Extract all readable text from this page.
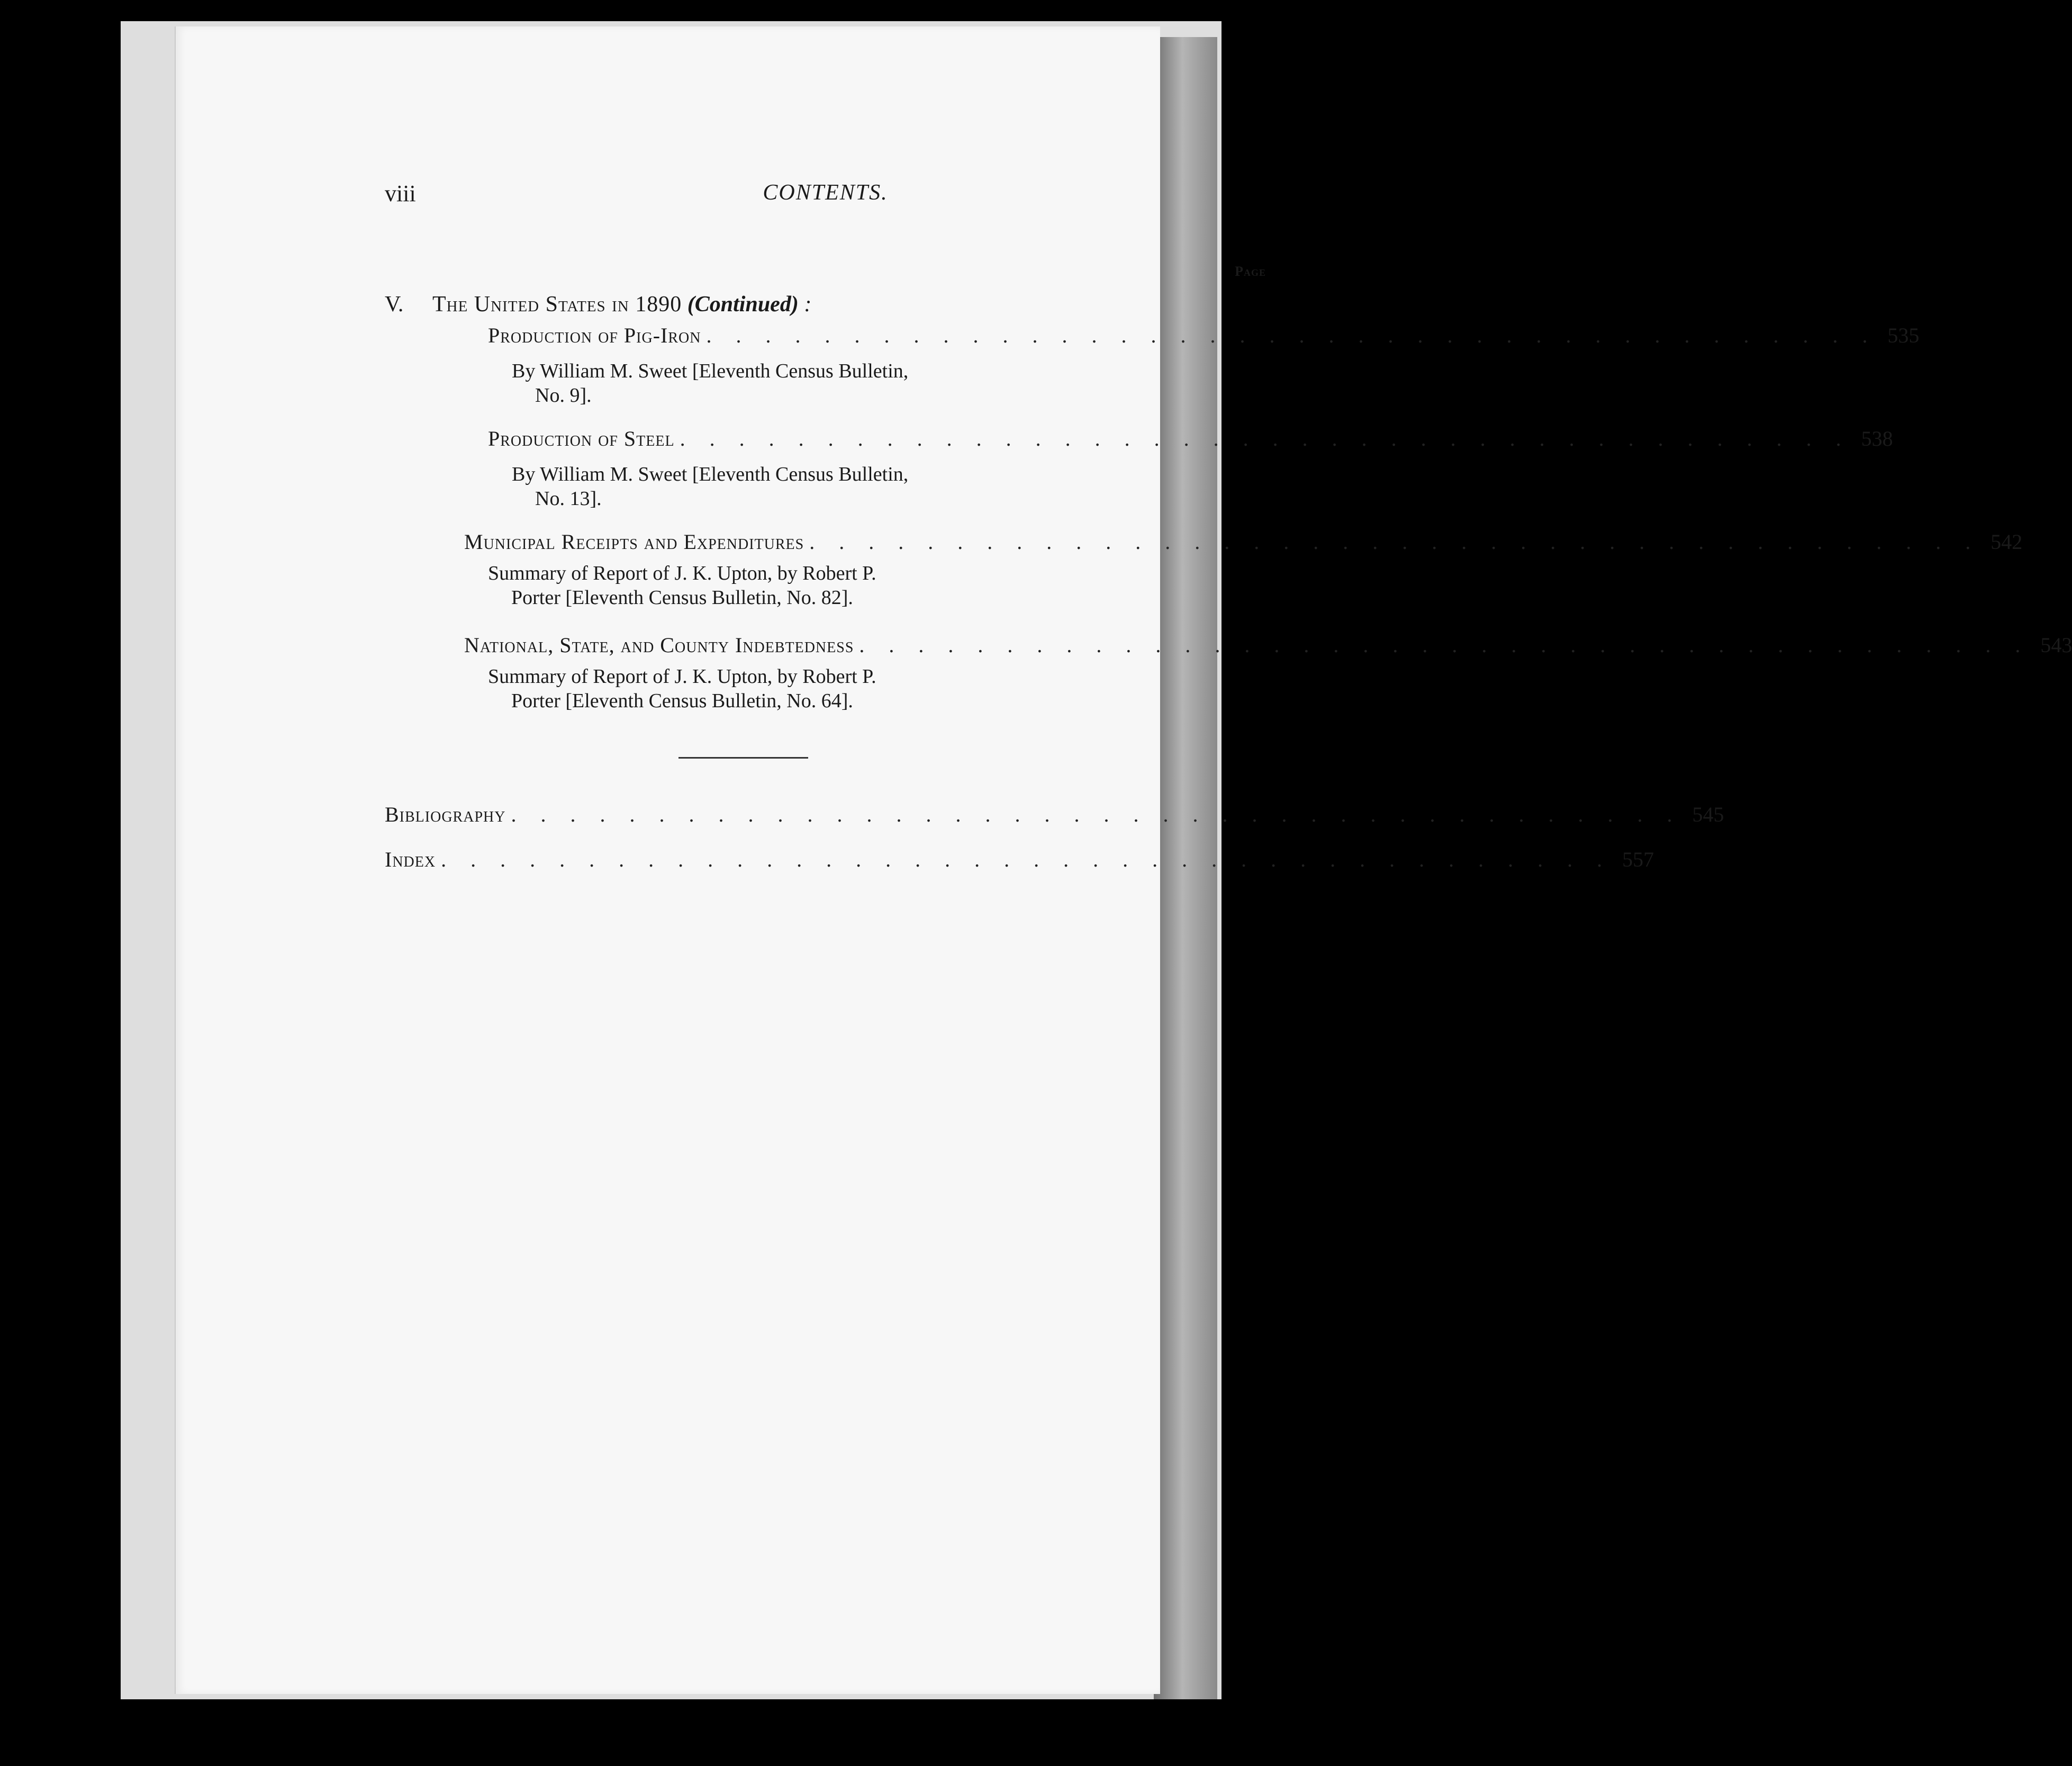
viii	CONTENTS.
Page
V. The United States in 1890 (Continued) :
Production of Pig-Iron . . . . . . . . . . . . . . . . . . . . . . . . . . . . . . . . . . . . . . . . 535
By William M. Sweet [Eleventh Census Bulletin,
No. 9].
Production of Steel . . . . . . . . . . . . . . . . . . . . . . . . . . . . . . . . . . . . . . . . 538
By William M. Sweet [Eleventh Census Bulletin,
No. 13].
Municipal Receipts and Expenditures . . . . . . . . . . . . . . . . . . . . . . . . . . . . . . . . . . . . . . . . 542
Summary of Report of J. K. Upton, by Robert P.
Porter [Eleventh Census Bulletin, No. 82].
National, State, and County Indebtedness . . . . . . . . . . . . . . . . . . . . . . . . . . . . . . . . . . . . . . . . 543
Summary of Report of J. K. Upton, by Robert P.
Porter [Eleventh Census Bulletin, No. 64].
Bibliography . . . . . . . . . . . . . . . . . . . . . . . . . . . . . . . . . . . . . . . . 545
Index . . . . . . . . . . . . . . . . . . . . . . . . . . . . . . . . . . . . . . . . 557
